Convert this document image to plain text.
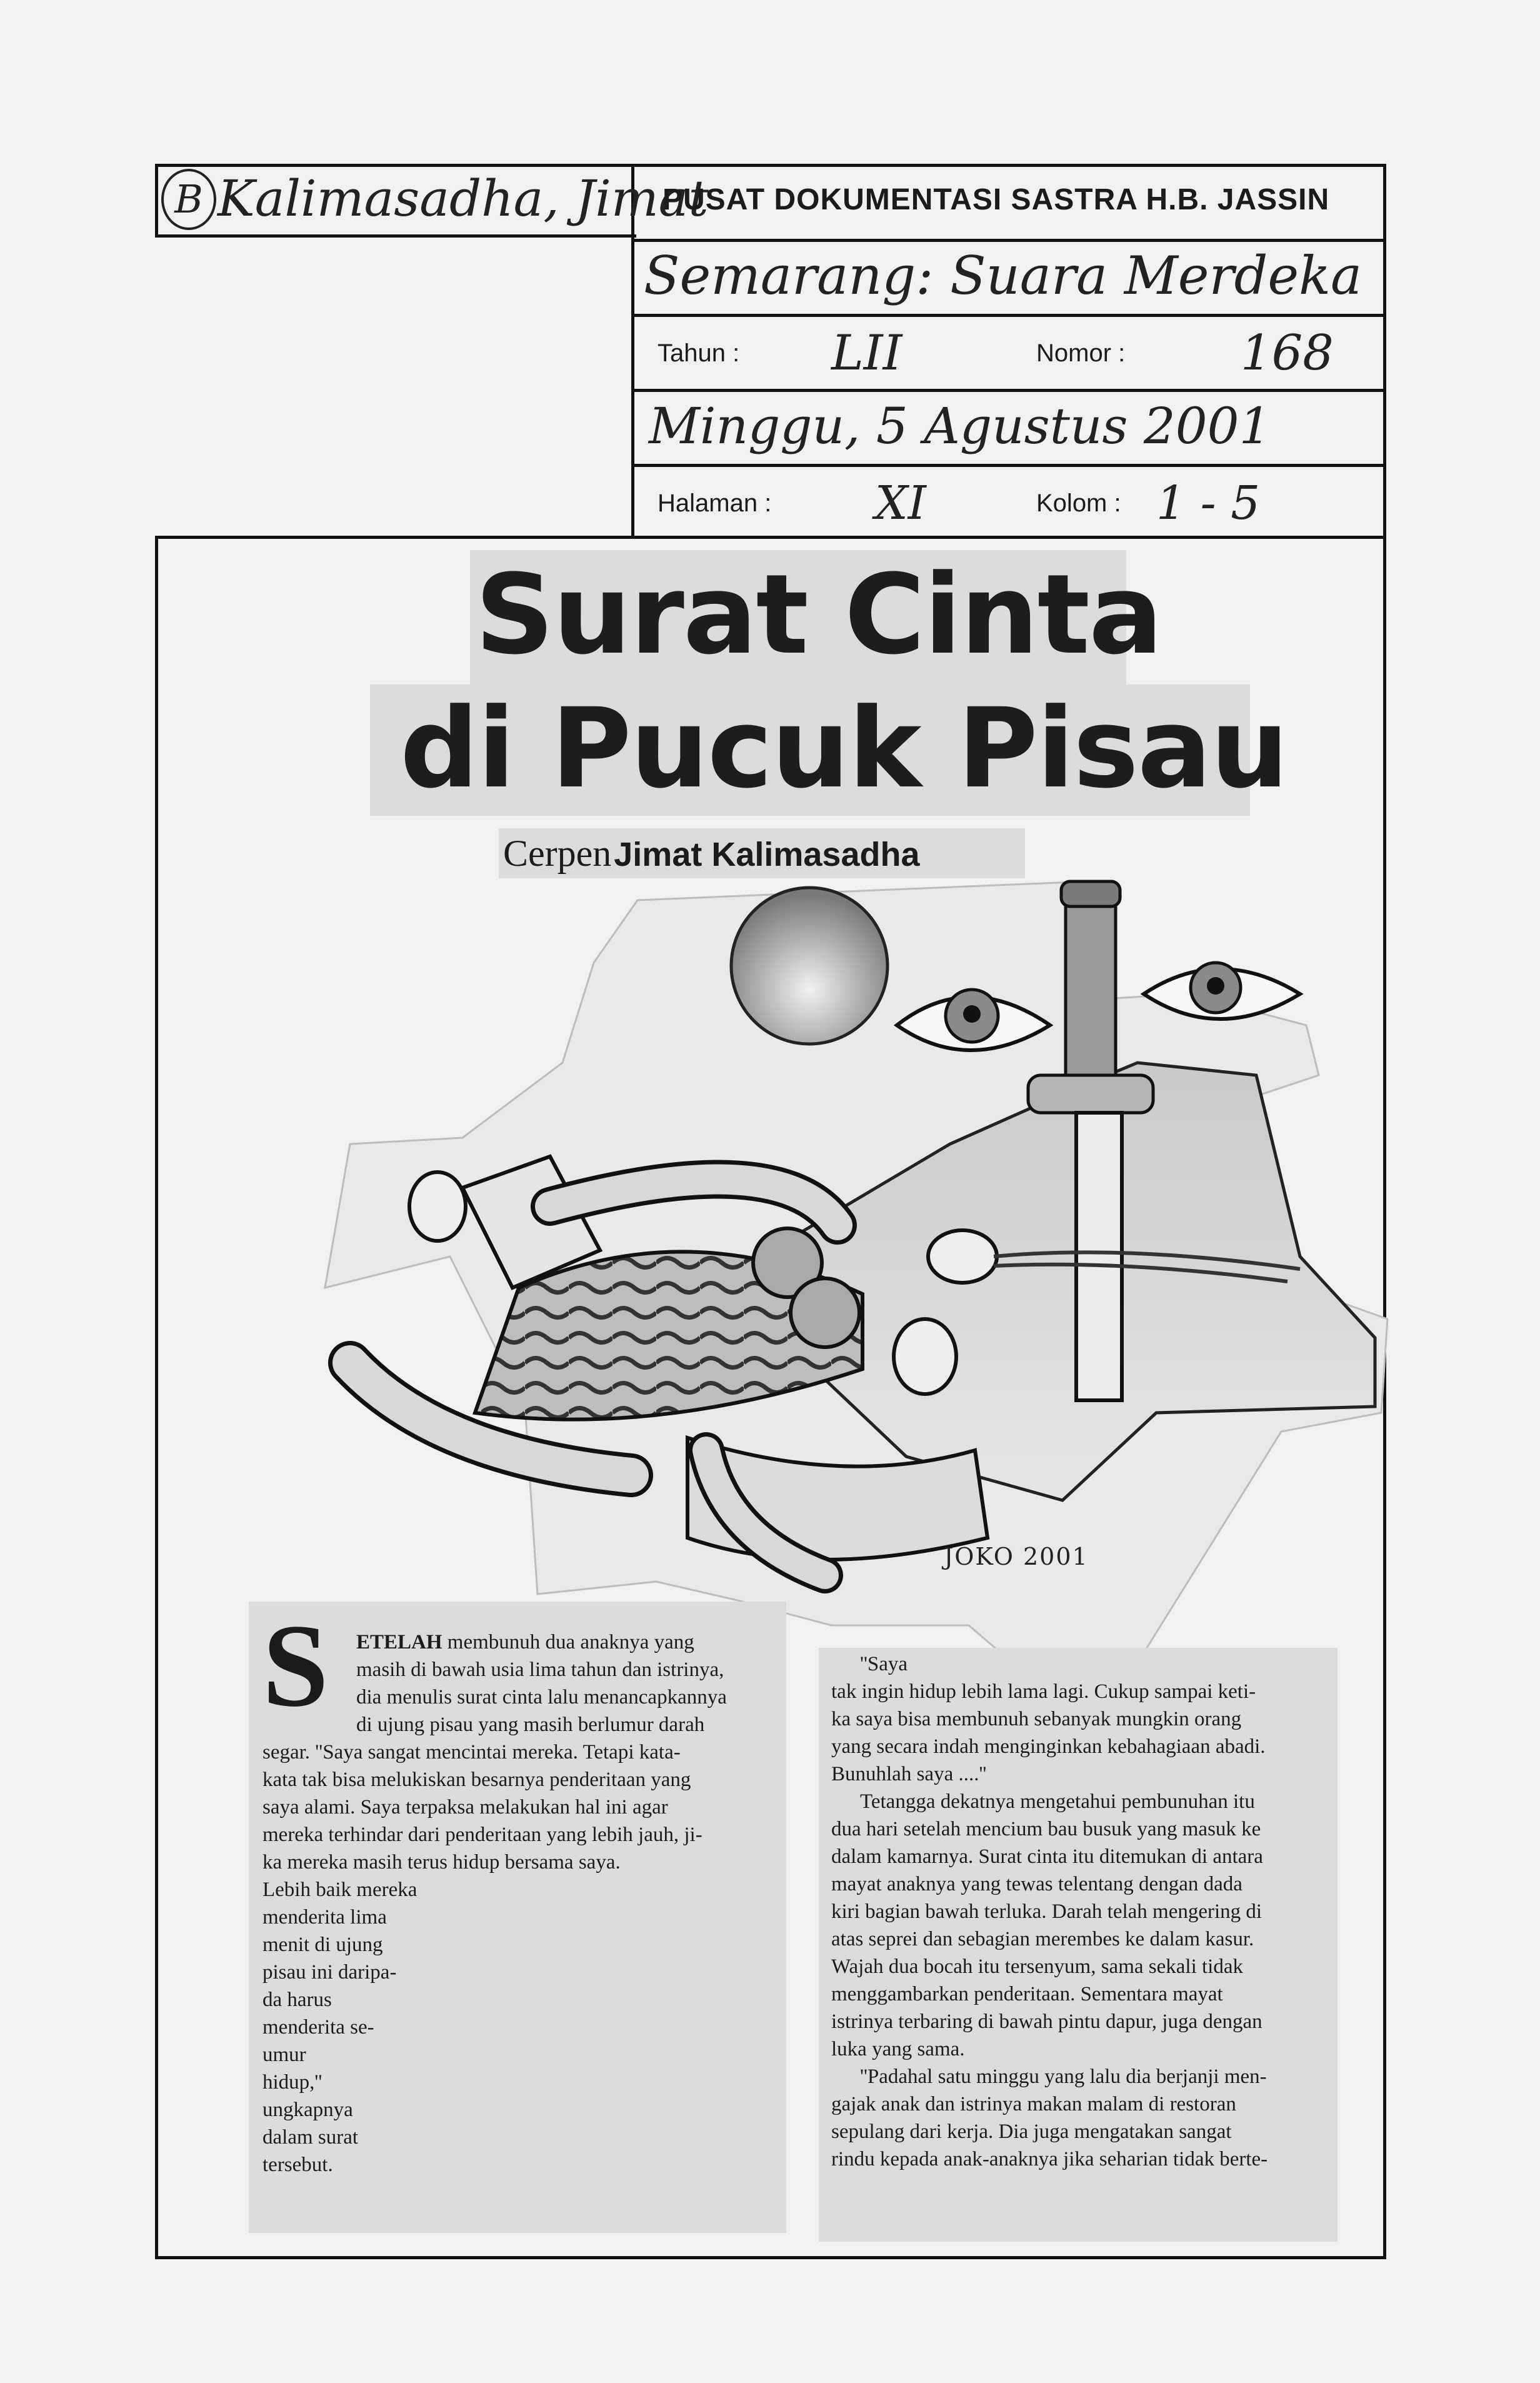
B Kalimasadha, Jimat
PUSAT DOKUMENTASI SASTRA H.B. JASSIN
Semarang: Suara Merdeka
Tahun : LII	Nomor : 168
Minggu, 5 Agustus 2001
Halaman : XI	Kolom : 1 - 5
Surat Cinta
di Pucuk Pisau
Cerpen Jimat Kalimasadha
JOKO 2001
S	ETELAH membunuh dua anaknya yang

masih di bawah usia lima tahun dan istrinya,

dia menulis surat cinta lalu menancapkannya

di ujung pisau yang masih berlumur darah

segar. ''Saya sangat mencintai mereka. Tetapi kata-

kata tak bisa melukiskan besarnya penderitaan yang

saya alami. Saya terpaksa melakukan hal ini agar

mereka terhindar dari penderitaan yang lebih jauh, ji-

ka mereka masih terus hidup bersama saya.

Lebih baik mereka

menderita lima

menit di ujung

pisau ini daripa-

da harus

menderita se-

umur

hidup,''

ungkapnya

dalam surat

tersebut.

''Saya

tak ingin hidup lebih lama lagi. Cukup sampai keti-

ka saya bisa membunuh sebanyak mungkin orang

yang secara indah menginginkan kebahagiaan abadi.

Bunuhlah saya ....''

Tetangga dekatnya mengetahui pembunuhan itu

dua hari setelah mencium bau busuk yang masuk ke

dalam kamarnya. Surat cinta itu ditemukan di antara

mayat anaknya yang tewas telentang dengan dada

kiri bagian bawah terluka. Darah telah mengering di

atas seprei dan sebagian merembes ke dalam kasur.

Wajah dua bocah itu tersenyum, sama sekali tidak

menggambarkan penderitaan. Sementara mayat

istrinya terbaring di bawah pintu dapur, juga dengan

luka yang sama.

''Padahal satu minggu yang lalu dia berjanji men-

gajak anak dan istrinya makan malam di restoran

sepulang dari kerja. Dia juga mengatakan sangat

rindu kepada anak-anaknya jika seharian tidak berte-
